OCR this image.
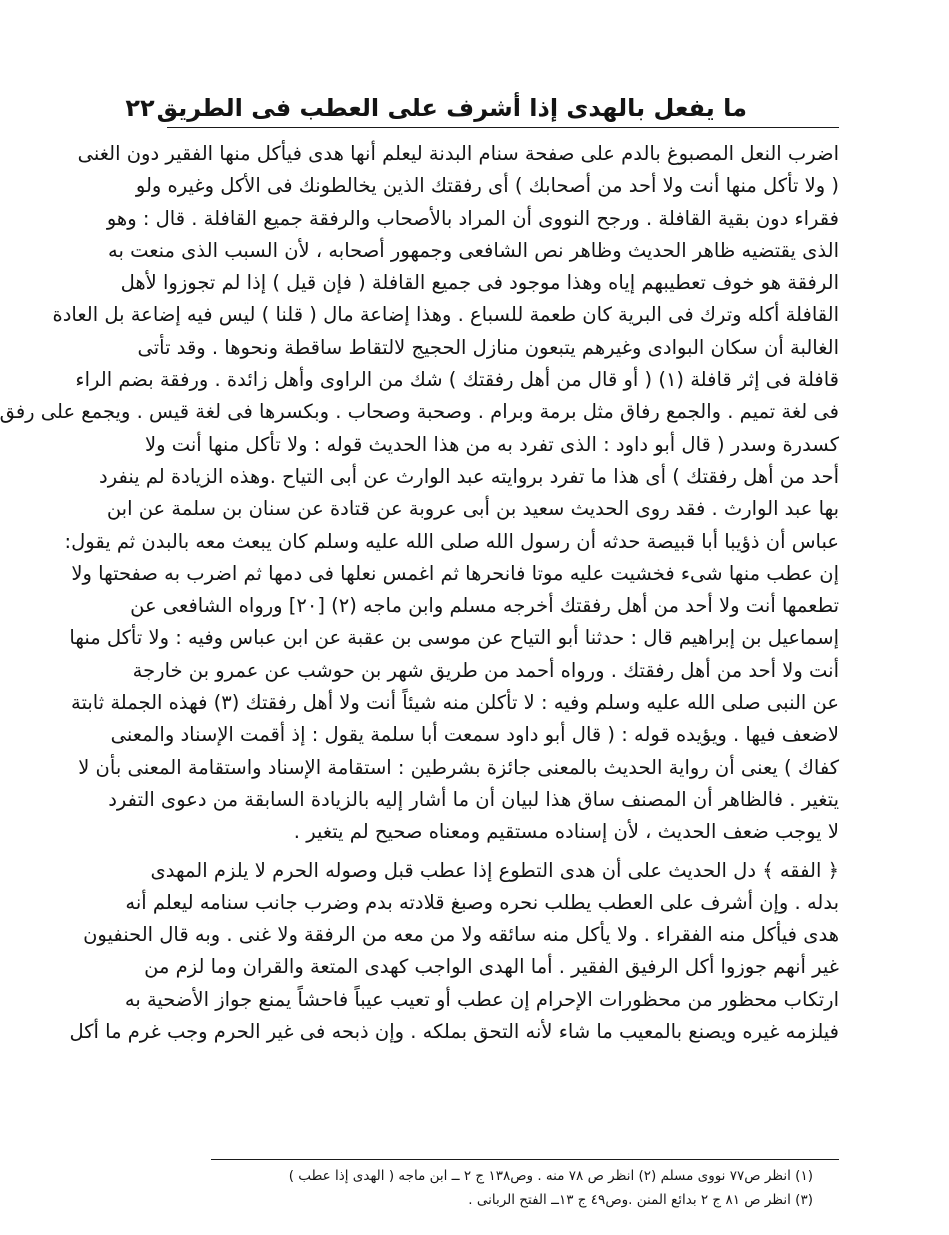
ما يفعل بالهدى إذا أشرف على العطب فى الطريق
٢٢
اضرب النعل المصبوغ بالدم على صفحة سنام البدنة ليعلم أنها هدى فيأكل منها الفقير دون الغنى
( ولا تأكل منها أنت ولا أحد من أصحابك ) أى رفقتك الذين يخالطونك فى الأكل وغيره ولو
فقراء دون بقية القافلة . ورجح النووى أن المراد بالأصحاب والرفقة جميع القافلة . قال : وهو
الذى يقتضيه ظاهر الحديث وظاهر نص الشافعى وجمهور أصحابه ، لأن السبب الذى منعت به
الرفقة هو خوف تعطيبهم إياه وهذا موجود فى جميع القافلة ( فإن قيل ) إذا لم تجوزوا لأهل
القافلة أكله وترك فى البرية كان طعمة للسباع . وهذا إضاعة مال ( قلنا ) ليس فيه إضاعة بل العادة
الغالبة أن سكان البوادى وغيرهم يتبعون منازل الحجيج لالتقاط ساقطة ونحوها . وقد تأتى
قافلة فى إثر قافلة (١) ( أو قال من أهل رفقتك ) شك من الراوى وأهل زائدة . ورفقة بضم الراء
فى لغة تميم . والجمع رفاق مثل برمة وبرام . وصحبة وصحاب . وبكسرها فى لغة قيس . ويجمع على رفق
كسدرة وسدر ( قال أبو داود : الذى تفرد به من هذا الحديث قوله : ولا تأكل منها أنت ولا
أحد من أهل رفقتك ) أى هذا ما تفرد بروايته عبد الوارث عن أبى التياح .وهذه الزيادة لم ينفرد
بها عبد الوارث . فقد روى الحديث سعيد بن أبى عروبة عن قتادة عن سنان بن سلمة عن ابن
عباس أن ذؤيبا أبا قبيصة حدثه أن رسول الله صلى الله عليه وسلم كان يبعث معه بالبدن ثم يقول:
إن عطب منها شىء فخشيت عليه موتا فانحرها ثم اغمس نعلها فى دمها ثم اضرب به صفحتها ولا
تطعمها أنت ولا أحد من أهل رفقتك أخرجه مسلم وابن ماجه (٢) [٢٠] ورواه الشافعى عن
إسماعيل بن إبراهيم قال : حدثنا أبو التياح عن موسى بن عقبة عن ابن عباس وفيه : ولا تأكل منها
أنت ولا أحد من أهل رفقتك . ورواه أحمد من طريق شهر بن حوشب عن عمرو بن خارجة
عن النبى صلى الله عليه وسلم وفيه : لا تأكلن منه شيئاً أنت ولا أهل رفقتك (٣) فهذه الجملة ثابتة
لاضعف فيها . ويؤيده قوله : ( قال أبو داود سمعت أبا سلمة يقول : إذ أقمت الإسناد والمعنى
كفاك ) يعنى أن رواية الحديث بالمعنى جائزة بشرطين : استقامة الإسناد واستقامة المعنى بأن لا
يتغير . فالظاهر أن المصنف ساق هذا لبيان أن ما أشار إليه بالزيادة السابقة من دعوى التفرد
لا يوجب ضعف الحديث ، لأن إسناده مستقيم ومعناه صحيح لم يتغير .
﴿ الفقه ﴾ دل الحديث على أن هدى التطوع إذا عطب قبل وصوله الحرم لا يلزم المهدى
بدله . وإن أشرف على العطب يطلب نحره وصبغ قلادته بدم وضرب جانب سنامه ليعلم أنه
هدى فيأكل منه الفقراء . ولا يأكل منه سائقه ولا من معه من الرفقة ولا غنى . وبه قال الحنفيون
غير أنهم جوزوا أكل الرفيق الفقير . أما الهدى الواجب كهدى المتعة والقران وما لزم من
ارتكاب محظور من محظورات الإحرام إن عطب أو تعيب عيباً فاحشاً يمنع جواز الأضحية به
فيلزمه غيره ويصنع بالمعيب ما شاء لأنه التحق بملكه . وإن ذبحه فى غير الحرم وجب غرم ما أكل
(١) انظر ص٧٧ نووى مسلم (٢) انظر ص ٧٨ منه . وص١٣٨ ج ٢ ــ ابن ماجه ( الهدى إذا عطب )
(٣) انظر ص ٨١ ج ٢ بدائع المنن .وص٤٩ ج ١٣ــ الفتح الربانى .
